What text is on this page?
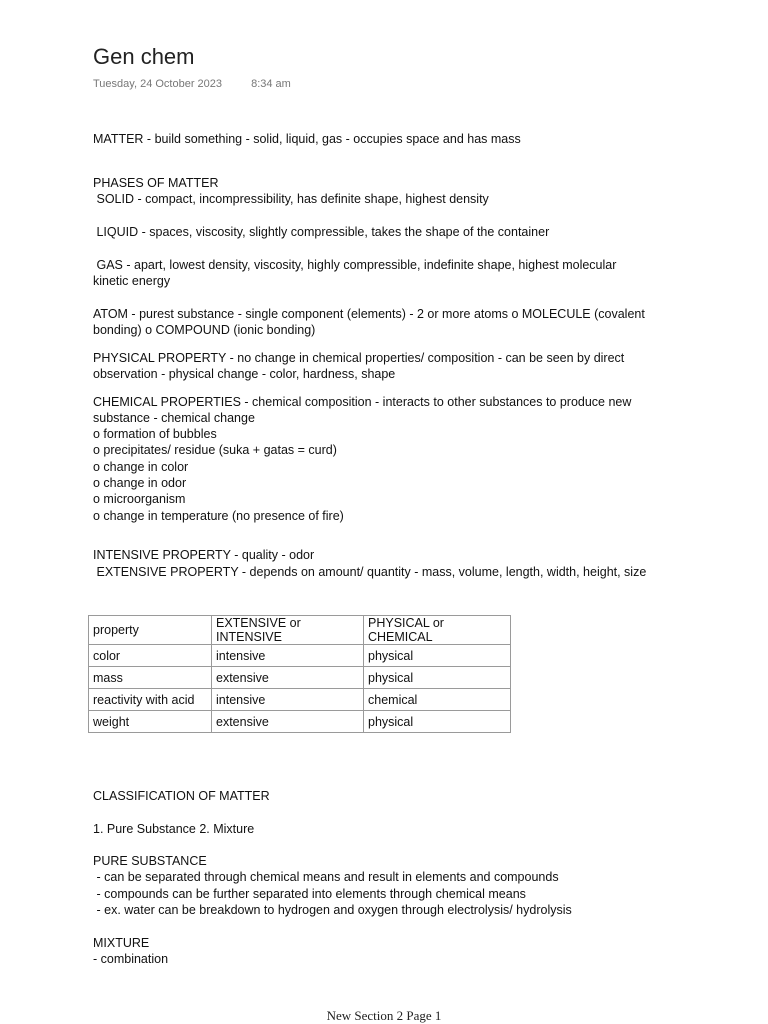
Gen chem
Tuesday, 24 October 2023	8:34 am

MATTER - build something - solid, liquid, gas - occupies space and has mass

PHASES OF MATTER

SOLID - compact, incompressibility, has definite shape, highest density

LIQUID - spaces, viscosity, slightly compressible, takes the shape of the container

GAS - apart, lowest density, viscosity, highly compressible, indefinite shape, highest molecular kinetic energy

ATOM - purest substance - single component (elements) - 2 or more atoms o MOLECULE (covalent bonding) o COMPOUND (ionic bonding)

PHYSICAL PROPERTY - no change in chemical properties/ composition - can be seen by direct observation - physical change - color, hardness, shape

CHEMICAL PROPERTIES - chemical composition - interacts to other substances to produce new substance - chemical change

o formation of bubbles

o precipitates/ residue (suka + gatas = curd)

o change in color

o change in odor

o microorganism

o change in temperature (no presence of fire)

INTENSIVE PROPERTY - quality - odor

EXTENSIVE PROPERTY - depends on amount/ quantity - mass, volume, length, width, height, size

property	EXTENSIVE or INTENSIVE	PHYSICAL or CHEMICAL
color	intensive	physical
mass	extensive	physical
reactivity with acid	intensive	chemical
weight	extensive	physical

CLASSIFICATION OF MATTER

1. Pure Substance 2. Mixture

PURE SUBSTANCE

- can be separated through chemical means and result in elements and compounds

- compounds can be further separated into elements through chemical means

- ex. water can be breakdown to hydrogen and oxygen through electrolysis/ hydrolysis

MIXTURE

- combination

New Section 2 Page 1
